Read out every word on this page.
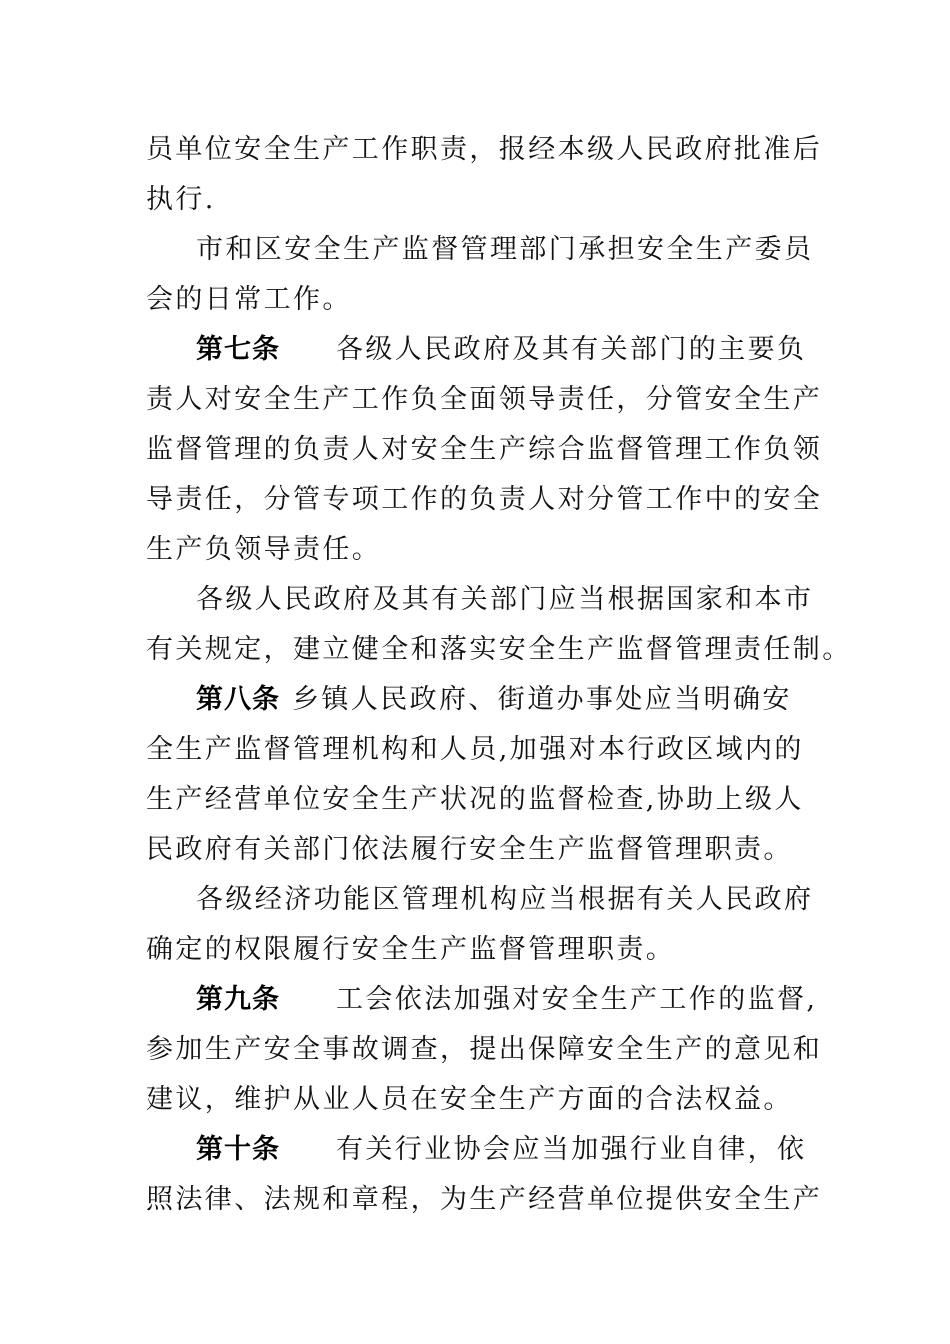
员单位安全生产工作职责，报经本级人民政府批准后
执行.
市和区安全生产监督管理部门承担安全生产委员
会的日常工作。
第七条 各级人民政府及其有关部门的主要负
责人对安全生产工作负全面领导责任，分管安全生产
监督管理的负责人对安全生产综合监督管理工作负领
导责任，分管专项工作的负责人对分管工作中的安全
生产负领导责任。
各级人民政府及其有关部门应当根据国家和本市
有关规定，建立健全和落实安全生产监督管理责任制。
第八条 乡镇人民政府、街道办事处应当明确安
全生产监督管理机构和人员,加强对本行政区域内的
生产经营单位安全生产状况的监督检查,协助上级人
民政府有关部门依法履行安全生产监督管理职责。
各级经济功能区管理机构应当根据有关人民政府
确定的权限履行安全生产监督管理职责。
第九条 工会依法加强对安全生产工作的监督,
参加生产安全事故调查，提出保障安全生产的意见和
建议，维护从业人员在安全生产方面的合法权益。
第十条 有关行业协会应当加强行业自律，依
照法律、法规和章程，为生产经营单位提供安全生产
